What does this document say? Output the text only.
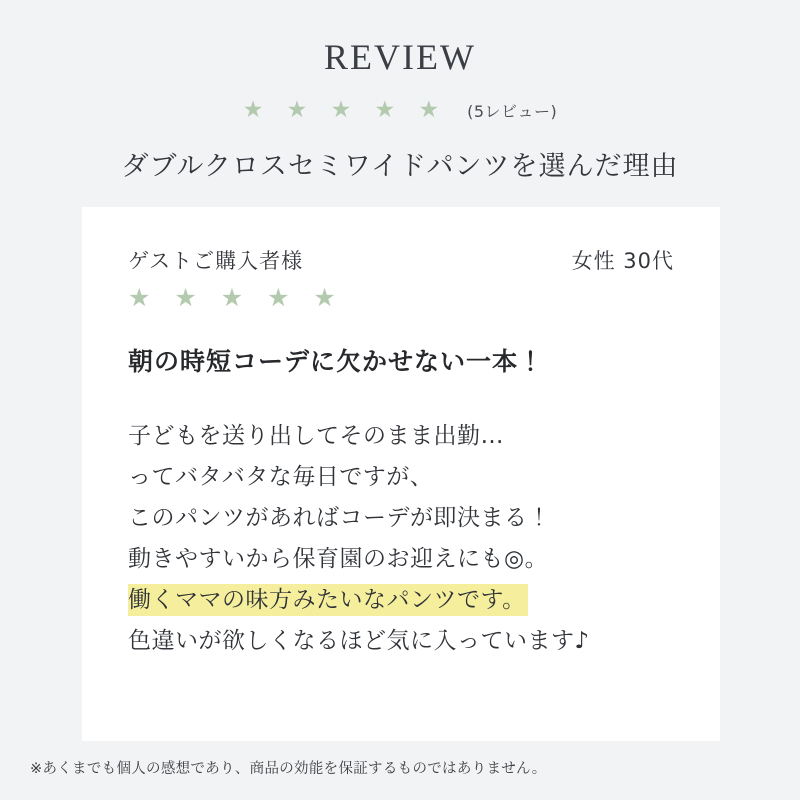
REVIEW
★ ★ ★ ★ ★ (5レビュー)
ダブルクロスセミワイドパンツを選んだ理由
ゲストご購入者様	女性 30代
★ ★ ★ ★ ★
朝の時短コーデに欠かせない一本！
子どもを送り出してそのまま出勤…
ってバタバタな毎日ですが、
このパンツがあればコーデが即決まる！
動きやすいから保育園のお迎えにも◎。
働くママの味方みたいなパンツです。
色違いが欲しくなるほど気に入っています♪
※あくまでも個人の感想であり、商品の効能を保証するものではありません。
